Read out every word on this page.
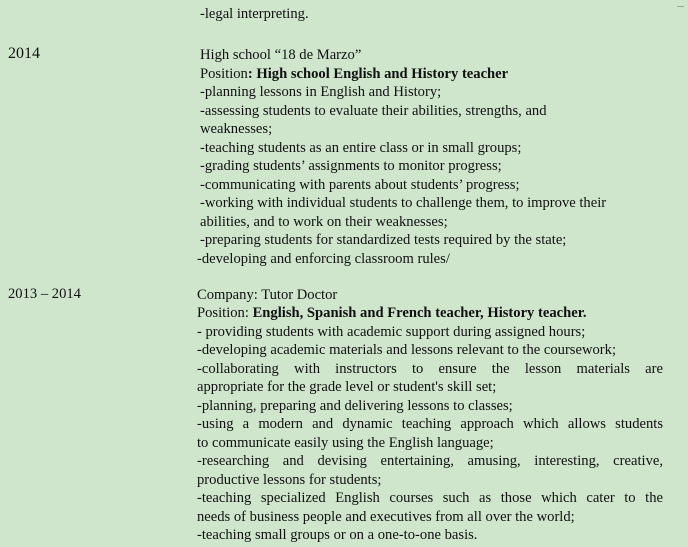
-legal interpreting.
2014	High school “18 de Marzo”
Position: High school English and History teacher
-planning lessons in English and History;
-assessing students to evaluate their abilities, strengths, and
weaknesses;
-teaching students as an entire class or in small groups;
-grading students’ assignments to monitor progress;
-communicating with parents about students’ progress;
-working with individual students to challenge them, to improve their
abilities, and to work on their weaknesses;
-preparing students for standardized tests required by the state;
-developing and enforcing classroom rules/
2013 – 2014	Company: Tutor Doctor
Position: English, Spanish and French teacher, History teacher.
- providing students with academic support during assigned hours;
-developing academic materials and lessons relevant to the coursework;
-collaborating with instructors to ensure the lesson materials are
appropriate for the grade level or student's skill set;
-planning, preparing and delivering lessons to classes;
-using a modern and dynamic teaching approach which allows students
to communicate easily using the English language;
-researching and devising entertaining, amusing, interesting, creative,
productive lessons for students;
-teaching specialized English courses such as those which cater to the
needs of business people and executives from all over the world;
-teaching small groups or on a one-to-one basis.
